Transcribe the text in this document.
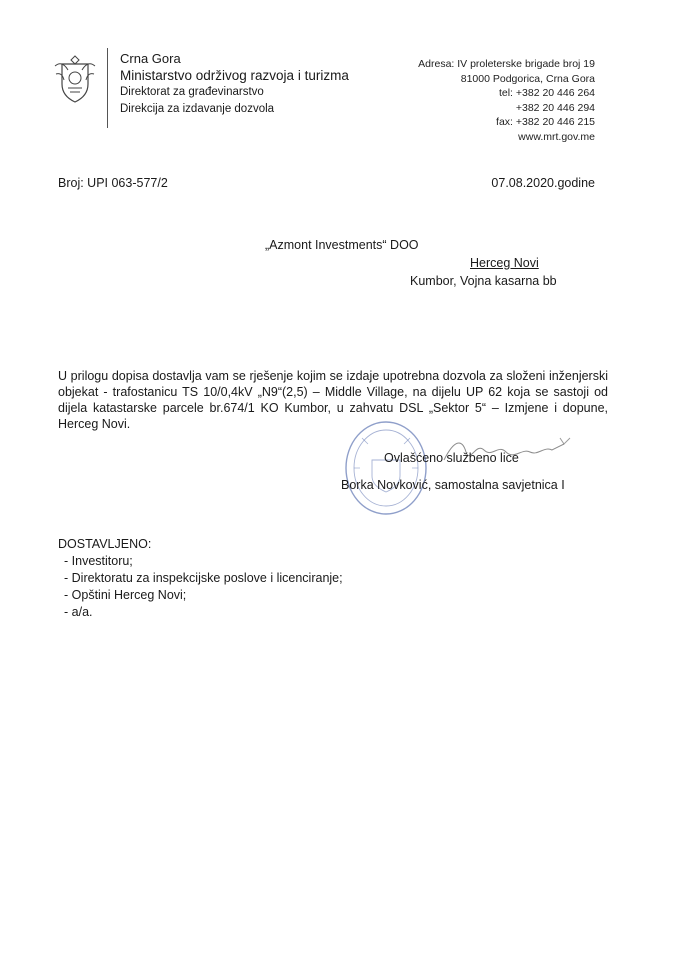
Crna Gora
Ministarstvo održivog razvoja i turizma
Direktorat za građevinarstvo
Direkcija za izdavanje dozvola
Adresa: IV proleterske brigade broj 19
81000 Podgorica, Crna Gora
tel: +382 20 446 264
+382 20 446 294
fax: +382 20 446 215
www.mrt.gov.me
Broj: UPI 063-577/2	07.08.2020.godine
„Azmont Investments“ DOO
Herceg Novi
Kumbor, Vojna kasarna bb
U prilogu dopisa dostavlja vam se rješenje kojim se izdaje upotrebna dozvola za složeni inženjerski objekat - trafostanicu TS 10/0,4kV „N9“(2,5) – Middle Village, na dijelu UP 62 koja se sastoji od dijela katastarske parcele br.674/1 KO Kumbor, u zahvatu DSL „Sektor 5“ – Izmjene i dopune, Herceg Novi.
Ovlašćeno službeno lice
Borka Novković, samostalna savjetnica I
DOSTAVLJENO:
- Investitoru;
- Direktoratu za inspekcijske poslove i licenciranje;
- Opštini Herceg Novi;
- a/a.
